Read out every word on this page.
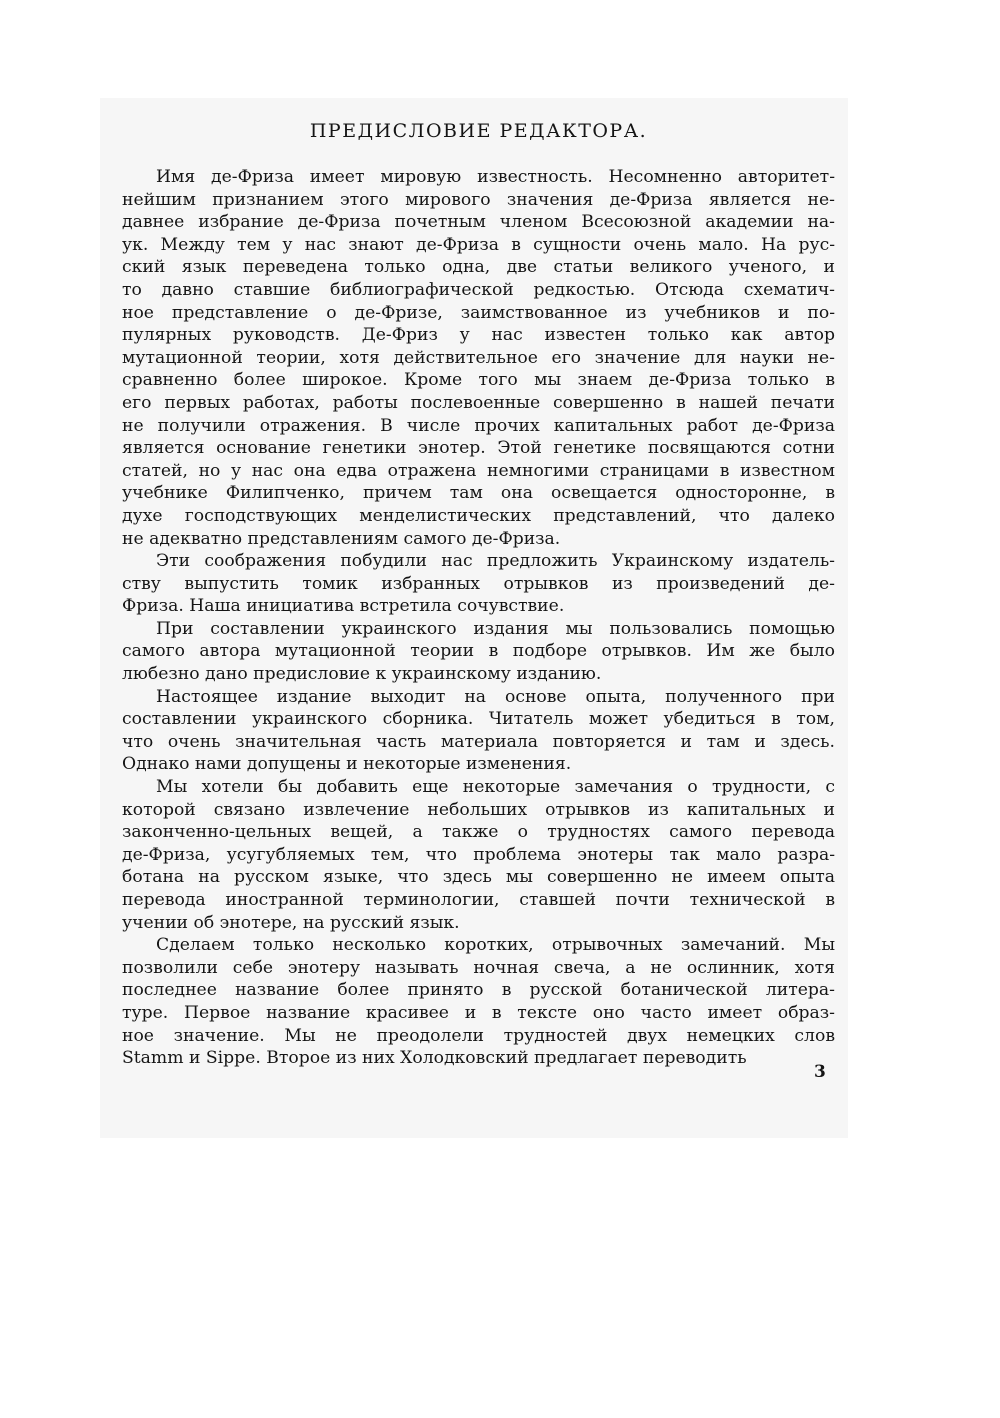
ПРЕДИСЛОВИЕ РЕДАКТОРА.
Имя де-Фриза имеет мировую известность. Несомненно авторитет-
нейшим признанием этого мирового значения де-Фриза является не-
давнее избрание де-Фриза почетным членом Всесоюзной академии на-
ук. Между тем у нас знают де-Фриза в сущности очень мало. На рус-
ский язык переведена только одна, две статьи великого ученого, и
то давно ставшие библиографической редкостью. Отсюда схематич-
ное представление о де-Фризе, заимствованное из учебников и по-
пулярных руководств. Де-Фриз у нас известен только как автор
мутационной теории, хотя действительное его значение для науки не-
сравненно более широкое. Кроме того мы знаем де-Фриза только в
его первых работах, работы послевоенные совершенно в нашей печати
не получили отражения. В числе прочих капитальных работ де-Фриза
является основание генетики энотер. Этой генетике посвящаются сотни
статей, но у нас она едва отражена немногими страницами в известном
учебнике Филипченко, причем там она освещается односторонне, в
духе господствующих менделистических представлений, что далеко
не адекватно представлениям самого де-Фриза.
Эти соображения побудили нас предложить Украинскому издатель-
ству выпустить томик избранных отрывков из произведений де-
Фриза. Наша инициатива встретила сочувствие.
При составлении украинского издания мы пользовались помощью
самого автора мутационной теории в подборе отрывков. Им же было
любезно дано предисловие к украинскому изданию.
Настоящее издание выходит на основе опыта, полученного при
составлении украинского сборника. Читатель может убедиться в том,
что очень значительная часть материала повторяется и там и здесь.
Однако нами допущены и некоторые изменения.
Мы хотели бы добавить еще некоторые замечания о трудности, с
которой связано извлечение небольших отрывков из капитальных и
законченно-цельных вещей, а также о трудностях самого перевода
де-Фриза, усугубляемых тем, что проблема энотеры так мало разра-
ботана на русском языке, что здесь мы совершенно не имеем опыта
перевода иностранной терминологии, ставшей почти технической в
учении об энотере, на русский язык.
Сделаем только несколько коротких, отрывочных замечаний. Мы
позволили себе энотеру называть ночная свеча, а не ослинник, хотя
последнее название более принято в русской ботанической литера-
туре. Первое название красивее и в тексте оно часто имеет образ-
ное значение. Мы не преодолели трудностей двух немецких слов
Stamm и Sippe. Второе из них Холодковский предлагает переводить
3
